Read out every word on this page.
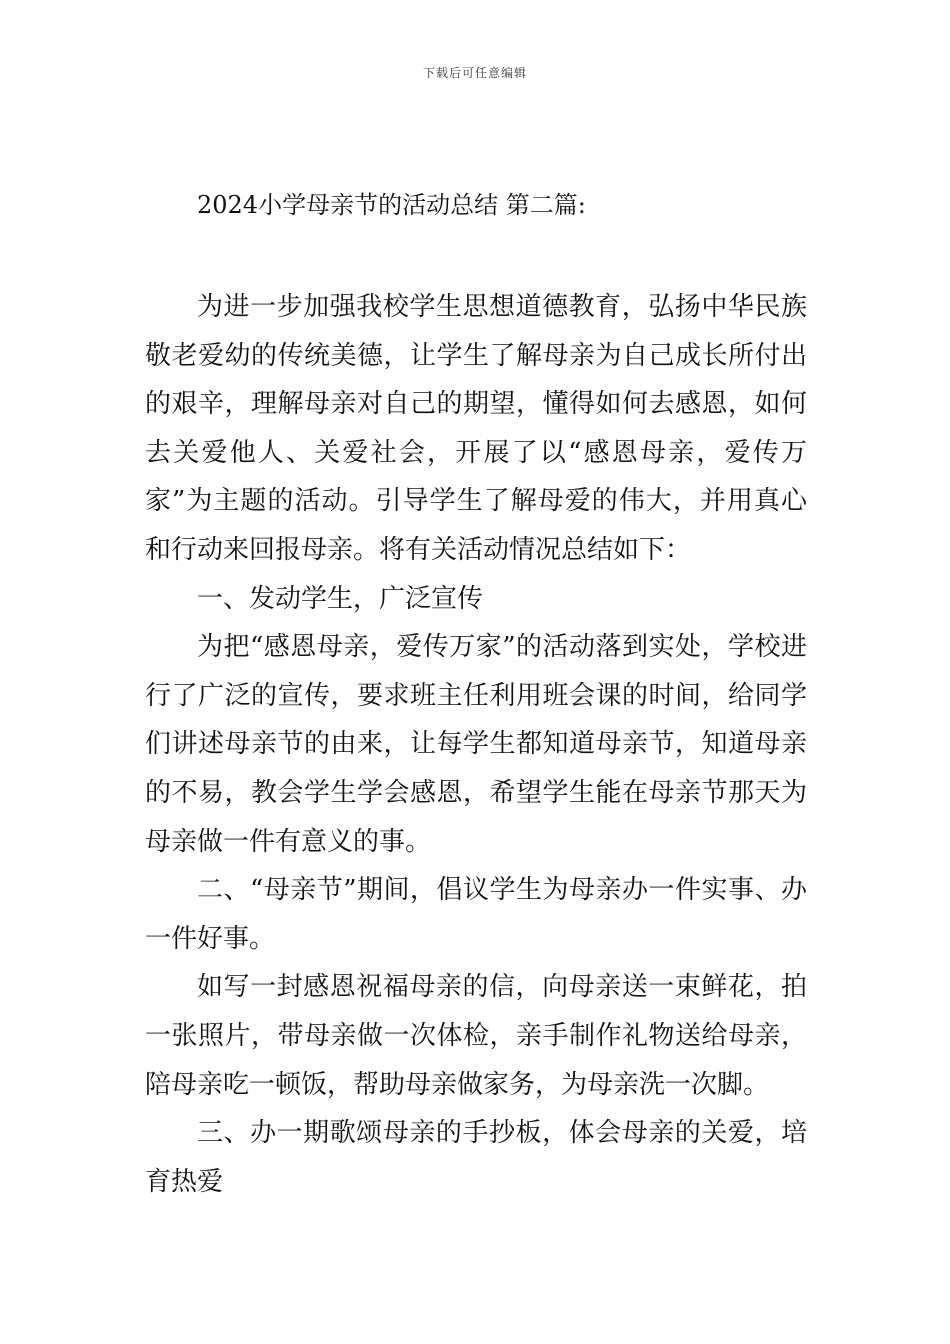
下载后可任意编辑
2024小学母亲节的活动总结 第二篇:

为进一步加强我校学生思想道德教育，弘扬中华民族敬老爱幼的传统美德，让学生了解母亲为自己成长所付出的艰辛，理解母亲对自己的期望，懂得如何去感恩，如何去关爱他人、关爱社会，开展了以“感恩母亲，爱传万家”为主题的活动。引导学生了解母爱的伟大，并用真心和行动来回报母亲。将有关活动情况总结如下：

一、发动学生，广泛宣传

为把“感恩母亲，爱传万家”的活动落到实处，学校进行了广泛的宣传，要求班主任利用班会课的时间，给同学们讲述母亲节的由来，让每学生都知道母亲节，知道母亲的不易，教会学生学会感恩，希望学生能在母亲节那天为母亲做一件有意义的事。

二、“母亲节”期间，倡议学生为母亲办一件实事、办一件好事。

如写一封感恩祝福母亲的信，向母亲送一束鲜花，拍一张照片，带母亲做一次体检，亲手制作礼物送给母亲，陪母亲吃一顿饭，帮助母亲做家务，为母亲洗一次脚。

三、办一期歌颂母亲的手抄板，体会母亲的关爱，培育热爱
